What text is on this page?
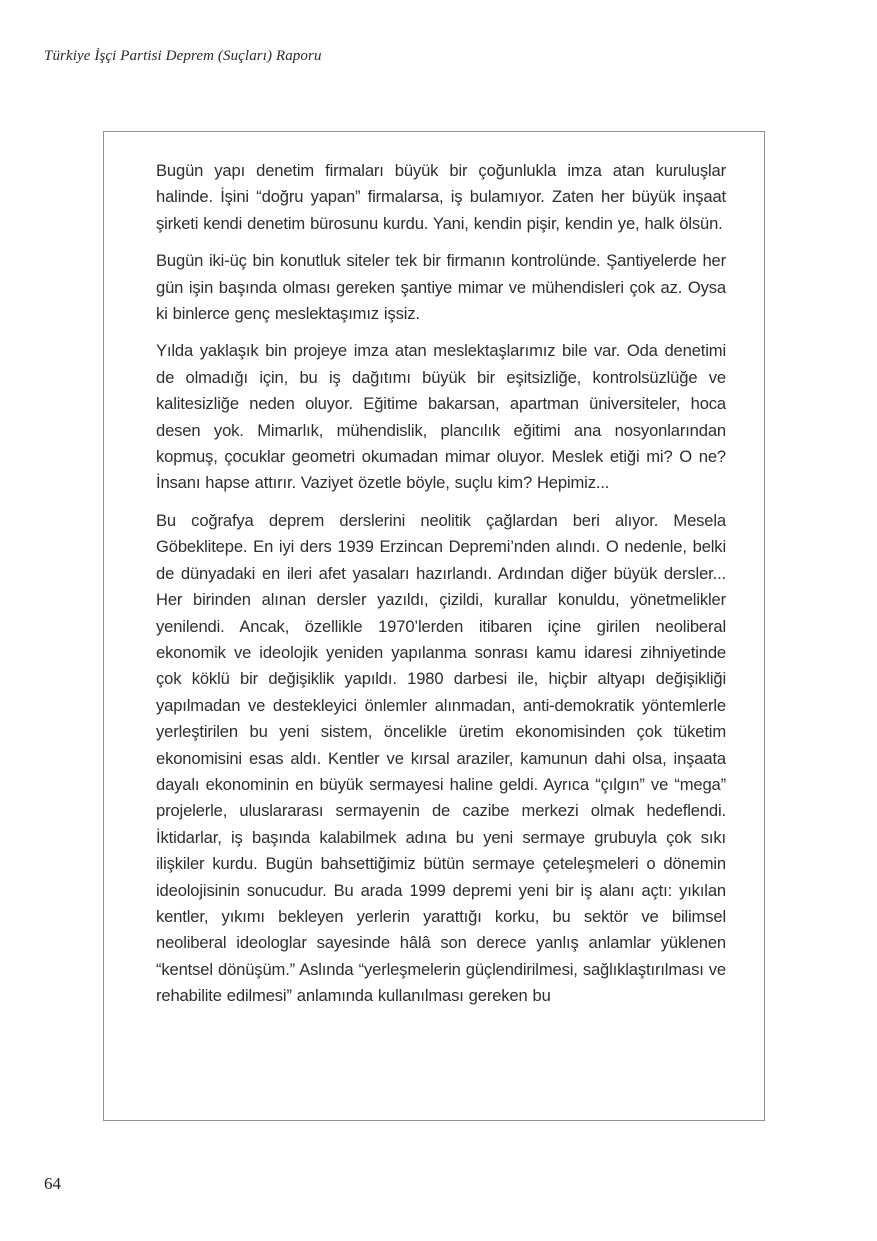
Türkiye İşçi Partisi Deprem (Suçları) Raporu

Bugün yapı denetim firmaları büyük bir çoğunlukla imza atan kuruluşlar halinde. İşini “doğru yapan” firmalarsa, iş bulamıyor. Zaten her büyük inşaat şirketi kendi denetim bürosunu kurdu. Yani, kendin pişir, kendin ye, halk ölsün.

Bugün iki-üç bin konutluk siteler tek bir firmanın kontrolünde. Şantiyelerde her gün işin başında olması gereken şantiye mimar ve mühendisleri çok az. Oysa ki binlerce genç meslektaşımız işsiz.

Yılda yaklaşık bin projeye imza atan meslektaşlarımız bile var. Oda denetimi de olmadığı için, bu iş dağıtımı büyük bir eşitsizliğe, kontrolsüzlüğe ve kalitesizliğe neden oluyor. Eğitime bakarsan, apartman üniversiteler, hoca desen yok. Mimarlık, mühendislik, plancılık eğitimi ana nosyonlarından kopmuş, çocuklar geometri okumadan mimar oluyor. Meslek etiği mi? O ne? İnsanı hapse attırır. Vaziyet özetle böyle, suçlu kim? Hepimiz...

Bu coğrafya deprem derslerini neolitik çağlardan beri alıyor. Mesela Göbeklitepe. En iyi ders 1939 Erzincan Depremi’nden alındı. O nedenle, belki de dünyadaki en ileri afet yasaları hazırlandı. Ardından diğer büyük dersler... Her birinden alınan dersler yazıldı, çizildi, kurallar konuldu, yönetmelikler yenilendi. Ancak, özellikle 1970’lerden itibaren içine girilen neoliberal ekonomik ve ideolojik yeniden yapılanma sonrası kamu idaresi zihniyetinde çok köklü bir değişiklik yapıldı. 1980 darbesi ile, hiçbir altyapı değişikliği yapılmadan ve destekleyici önlemler alınmadan, anti-demokratik yöntemlerle yerleştirilen bu yeni sistem, öncelikle üretim ekonomisinden çok tüketim ekonomisini esas aldı. Kentler ve kırsal araziler, kamunun dahi olsa, inşaata dayalı ekonominin en büyük sermayesi haline geldi. Ayrıca “çılgın” ve “mega” projelerle, uluslararası sermayenin de cazibe merkezi olmak hedeflendi. İktidarlar, iş başında kalabilmek adına bu yeni sermaye grubuyla çok sıkı ilişkiler kurdu. Bugün bahsettiğimiz bütün sermaye çeteleşmeleri o dönemin ideolojisinin sonucudur. Bu arada 1999 depremi yeni bir iş alanı açtı: yıkılan kentler, yıkımı bekleyen yerlerin yarattığı korku, bu sektör ve bilimsel neoliberal ideologlar sayesinde hâlâ son derece yanlış anlamlar yüklenen “kentsel dönüşüm.” Aslında “yerleşmelerin güçlendirilmesi, sağlıklaştırılması ve rehabilite edilmesi” anlamında kullanılması gereken bu

64
